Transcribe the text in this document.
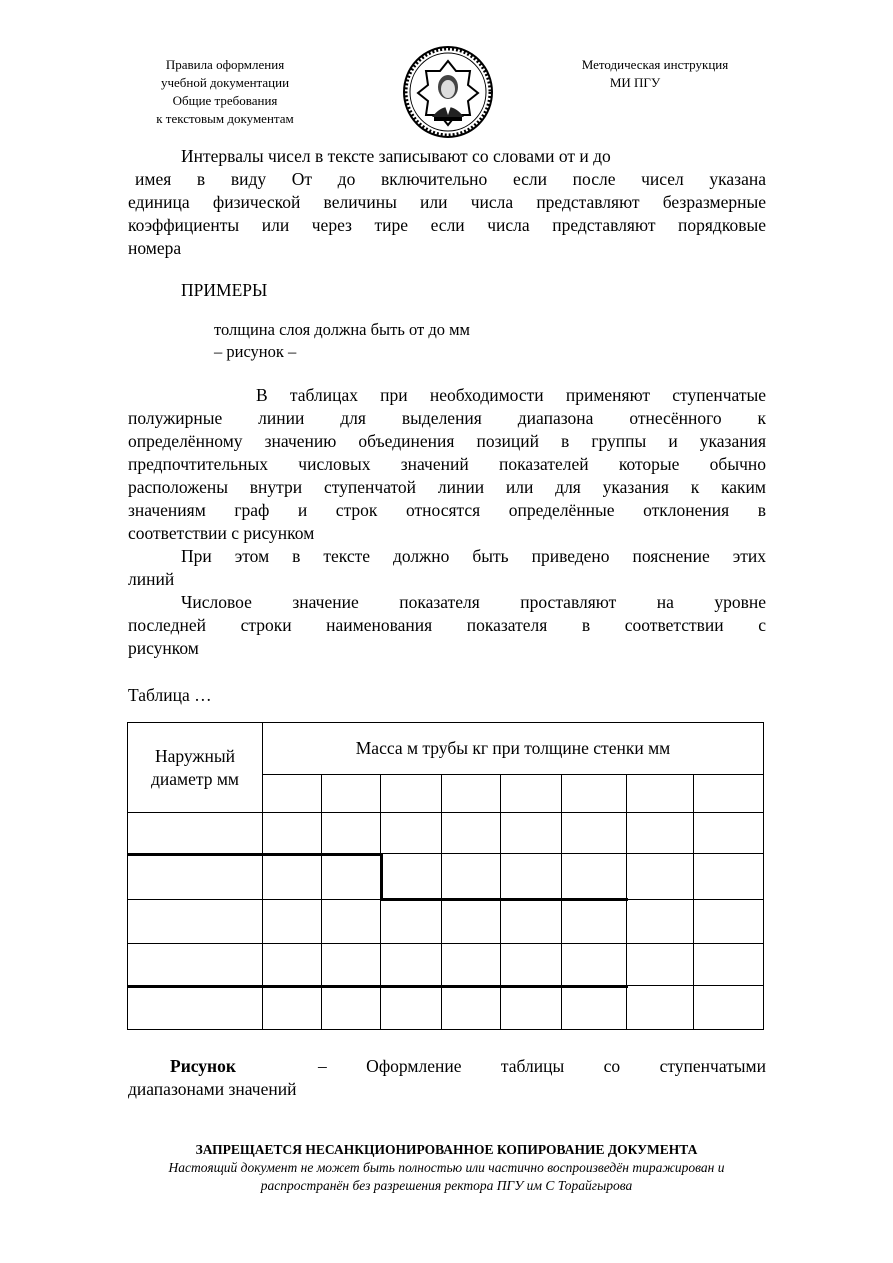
Правила оформления
учебной документации
Общие требования
к текстовым документам
Методическая инструкция
МИ ПГУ
Интервалы чисел в тексте записывают со словами от и до
имея в виду От до включительно если после чисел указана
единица физической величины или числа представляют безразмерные
коэффициенты или через тире если числа представляют порядковые
номера
ПРИМЕРЫ
толщина слоя должна быть от до мм
– рисунок –
В таблицах при необходимости применяют ступенчатые
полужирные линии для выделения диапазона отнесённого к
определённому значению объединения позиций в группы и указания
предпочтительных числовых значений показателей которые обычно
расположены внутри ступенчатой линии или для указания к каким
значениям граф и строк относятся определённые отклонения в
соответствии с рисунком
При этом в тексте должно быть приведено пояснение этих
линий
Числовое значение показателя проставляют на уровне
последней строки наименования показателя в соответствии с
рисунком
Таблица …
Наружный
диаметр мм	Масса м трубы кг при толщине стенки мм							

Рисунок	– Оформление таблицы со ступенчатыми
диапазонами значений
ЗАПРЕЩАЕТСЯ НЕСАНКЦИОНИРОВАННОЕ КОПИРОВАНИЕ ДОКУМЕНТА
Настоящий документ не может быть полностью или частично воспроизведён тиражирован и
распространён без разрешения ректора ПГУ им С Торайгырова
